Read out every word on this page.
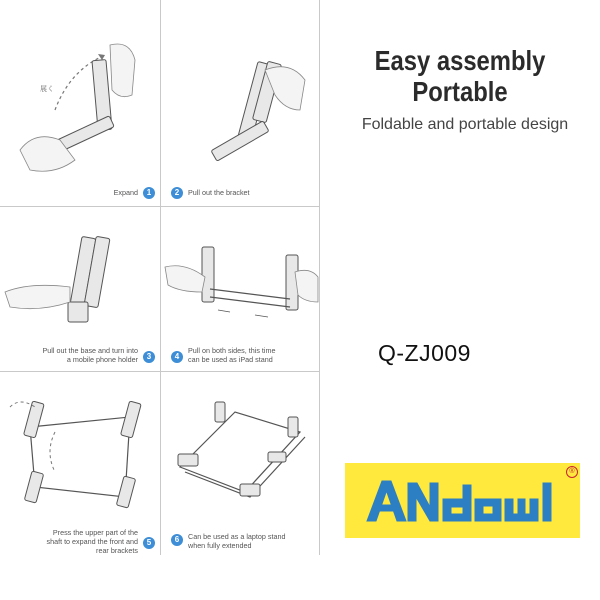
展く
Expand	1	2	Pull out the bracket
Pull out the base and turn into
a mobile phone holder	3	4
Pull on both sides, this time
can be used as iPad stand
Press the upper part of the
shaft to expand the front and
rear brackets
5	6	Can be used as a laptop stand
when fully extended
Easy assembly
Portable
Foldable and portable design
Q-ZJ009
®
